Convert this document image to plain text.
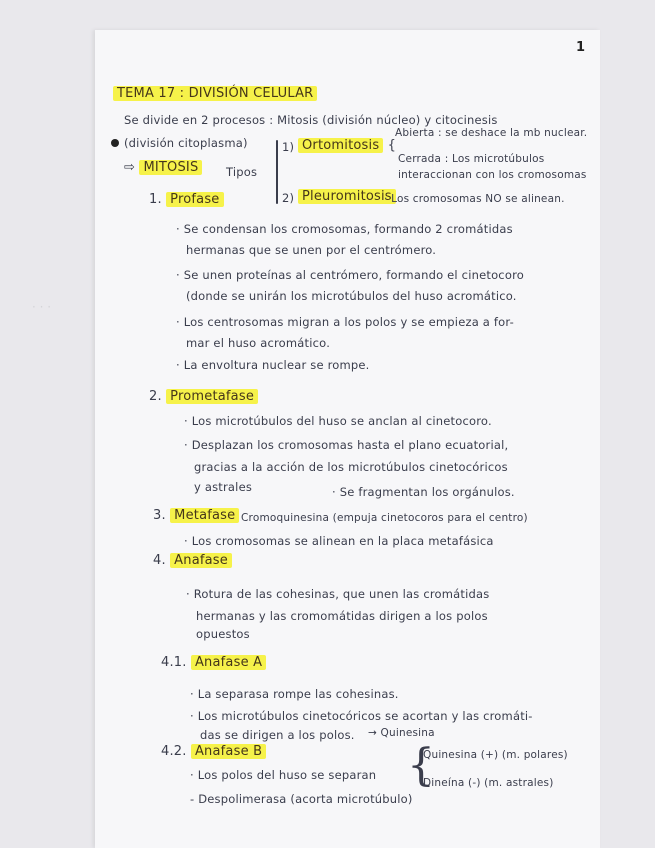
· · ·
1
TEMA 17 : DIVISIÓN CELULAR
Se divide en 2 procesos : Mitosis (división núcleo) y citocinesis
(división citoplasma)
⇨ MITOSIS	Tipos
1) Ortomitosis {
Abierta : se deshace la mb nuclear.
Cerrada : Los microtúbulos
interaccionan con los cromosomas
2) Pleuromitosis
· Los cromosomas NO se alinean.
1. Profase
· Se condensan los cromosomas, formando 2 cromátidas
hermanas que se unen por el centrómero.
· Se unen proteínas al centrómero, formando el cinetocoro
(donde se unirán los microtúbulos del huso acromático.
· Los centrosomas migran a los polos y se empieza a for-
mar el huso acromático.
· La envoltura nuclear se rompe.
2. Prometafase
· Los microtúbulos del huso se anclan al cinetocoro.
· Desplazan los cromosomas hasta el plano ecuatorial,
gracias a la acción de los microtúbulos cinetocóricos
y astrales	· Se fragmentan los orgánulos.
3. Metafase Cromoquinesina (empuja cinetocoros para el centro)
· Los cromosomas se alinean en la placa metafásica
4. Anafase
· Rotura de las cohesinas, que unen las cromátidas
hermanas y las cromomátidas dirigen a los polos
opuestos
4.1. Anafase A
· La separasa rompe las cohesinas.
· Los microtúbulos cinetocóricos se acortan y las cromáti-
das se dirigen a los polos. → Quinesina
4.2. Anafase B
· Los polos del huso se separan
- Despolimerasa (acorta microtúbulo)
{
Quinesina (+) (m. polares)
Dineína (-) (m. astrales)
